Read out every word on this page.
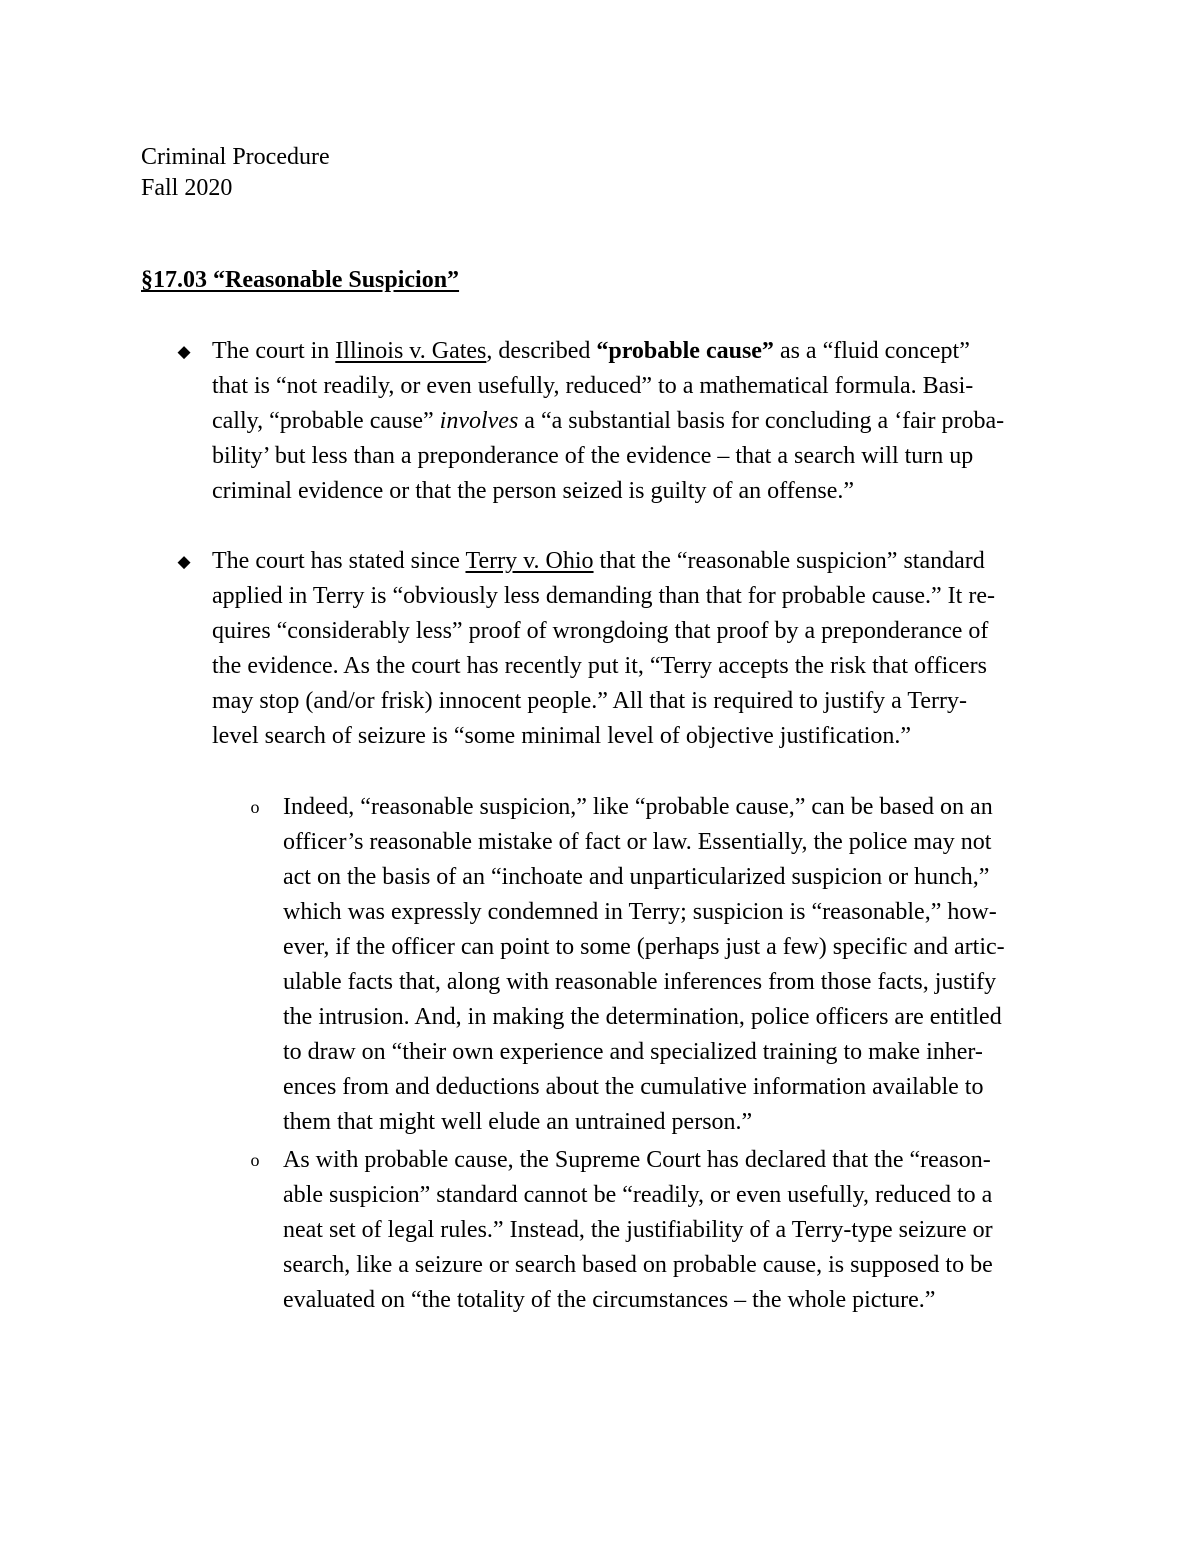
Criminal Procedure
Fall 2020
§17.03 “Reasonable Suspicion”
◆ The court in Illinois v. Gates, described “probable cause” as a “fluid concept”
that is “not readily, or even usefully, reduced” to a mathematical formula. Basi-
cally, “probable cause” involves a “a substantial basis for concluding a ‘fair proba-
bility’ but less than a preponderance of the evidence – that a search will turn up
criminal evidence or that the person seized is guilty of an offense.”
◆ The court has stated since Terry v. Ohio that the “reasonable suspicion” standard
applied in Terry is “obviously less demanding than that for probable cause.” It re-
quires “considerably less” proof of wrongdoing that proof by a preponderance of
the evidence. As the court has recently put it, “Terry accepts the risk that officers
may stop (and/or frisk) innocent people.” All that is required to justify a Terry-
level search of seizure is “some minimal level of objective justification.”
o Indeed, “reasonable suspicion,” like “probable cause,” can be based on an
officer’s reasonable mistake of fact or law. Essentially, the police may not
act on the basis of an “inchoate and unparticularized suspicion or hunch,”
which was expressly condemned in Terry; suspicion is “reasonable,” how-
ever, if the officer can point to some (perhaps just a few) specific and artic-
ulable facts that, along with reasonable inferences from those facts, justify
the intrusion. And, in making the determination, police officers are entitled
to draw on “their own experience and specialized training to make inher-
ences from and deductions about the cumulative information available to
them that might well elude an untrained person.”
o As with probable cause, the Supreme Court has declared that the “reason-
able suspicion” standard cannot be “readily, or even usefully, reduced to a
neat set of legal rules.” Instead, the justifiability of a Terry-type seizure or
search, like a seizure or search based on probable cause, is supposed to be
evaluated on “the totality of the circumstances – the whole picture.”
